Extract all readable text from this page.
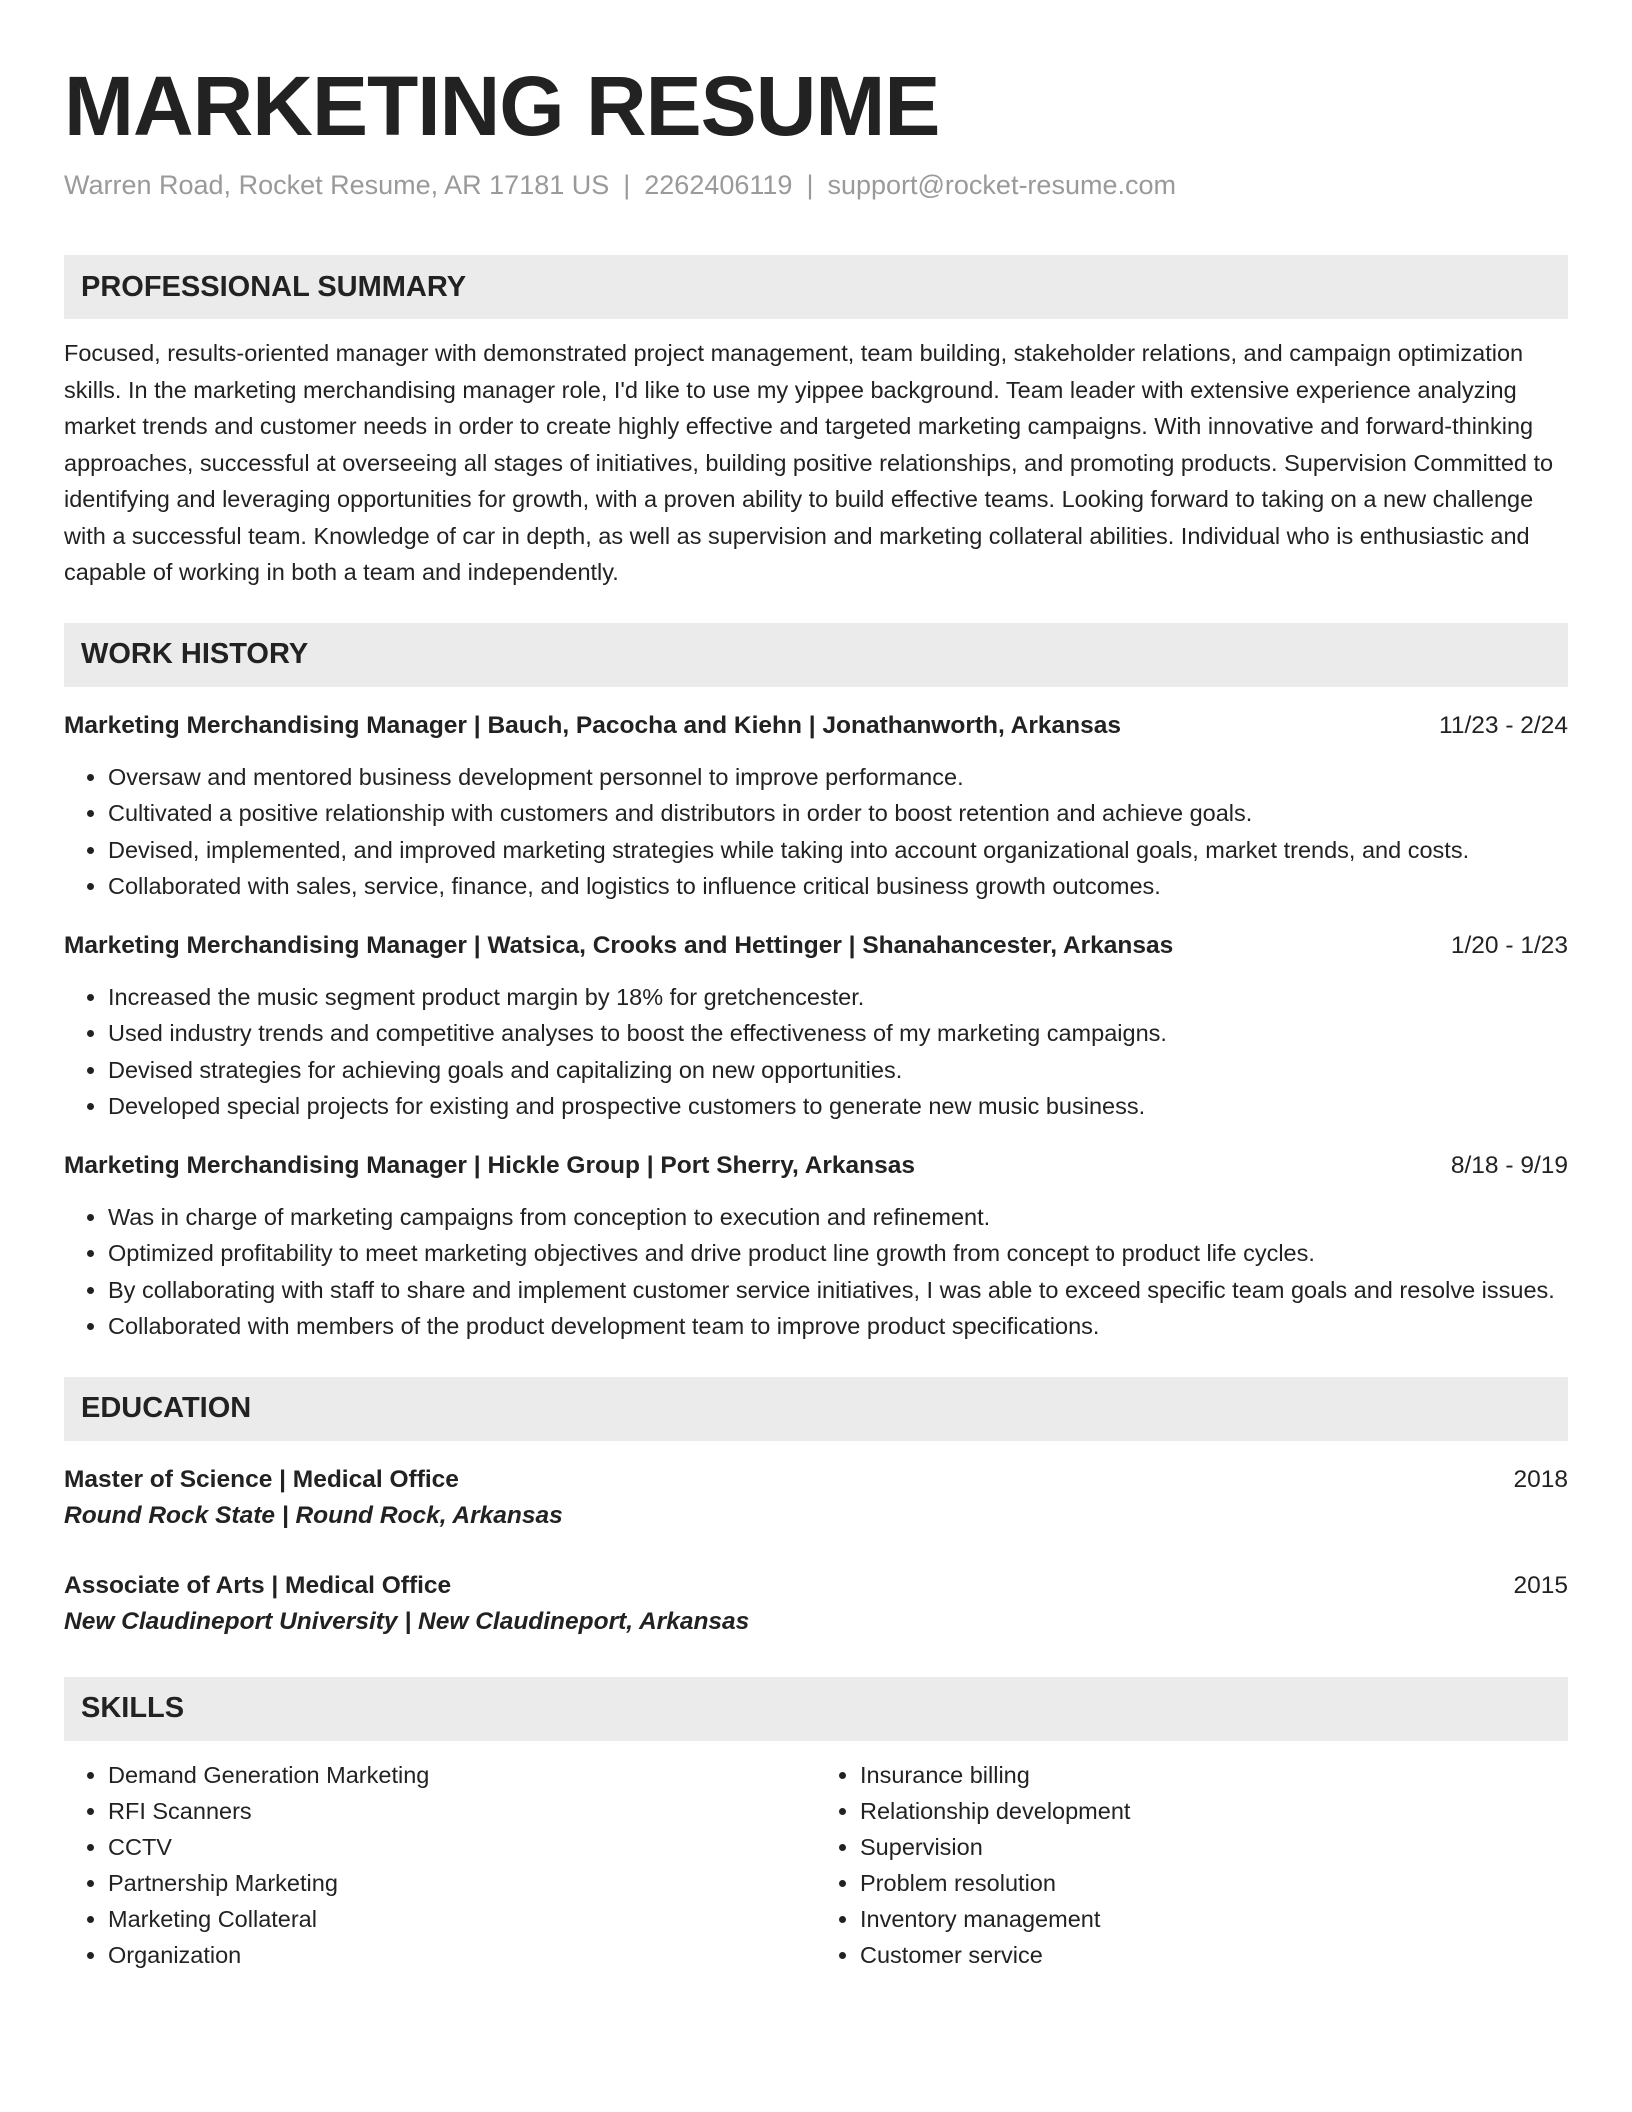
MARKETING RESUME
Warren Road, Rocket Resume, AR 17181 US | 2262406119 | support@rocket-resume.com
PROFESSIONAL SUMMARY

Focused, results-oriented manager with demonstrated project management, team building, stakeholder relations, and campaign optimization skills. In the marketing merchandising manager role, I'd like to use my yippee background. Team leader with extensive experience analyzing market trends and customer needs in order to create highly effective and targeted marketing campaigns. With innovative and forward-thinking approaches, successful at overseeing all stages of initiatives, building positive relationships, and promoting products. Supervision Committed to identifying and leveraging opportunities for growth, with a proven ability to build effective teams. Looking forward to taking on a new challenge with a successful team. Knowledge of car in depth, as well as supervision and marketing collateral abilities. Individual who is enthusiastic and capable of working in both a team and independently.

WORK HISTORY
Marketing Merchandising Manager | Bauch, Pacocha and Kiehn | Jonathanworth, Arkansas	11/23 - 2/24
• Oversaw and mentored business development personnel to improve performance.
• Cultivated a positive relationship with customers and distributors in order to boost retention and achieve goals.
• Devised, implemented, and improved marketing strategies while taking into account organizational goals, market trends, and costs.
• Collaborated with sales, service, finance, and logistics to influence critical business growth outcomes.
Marketing Merchandising Manager | Watsica, Crooks and Hettinger | Shanahancester, Arkansas	1/20 - 1/23
• Increased the music segment product margin by 18% for gretchencester.
• Used industry trends and competitive analyses to boost the effectiveness of my marketing campaigns.
• Devised strategies for achieving goals and capitalizing on new opportunities.
• Developed special projects for existing and prospective customers to generate new music business.
Marketing Merchandising Manager | Hickle Group | Port Sherry, Arkansas	8/18 - 9/19
• Was in charge of marketing campaigns from conception to execution and refinement.
• Optimized profitability to meet marketing objectives and drive product line growth from concept to product life cycles.
• By collaborating with staff to share and implement customer service initiatives, I was able to exceed specific team goals and resolve issues.
• Collaborated with members of the product development team to improve product specifications.
EDUCATION
Master of Science | Medical Office	2018
Round Rock State | Round Rock, Arkansas
Associate of Arts | Medical Office	2015
New Claudineport University | New Claudineport, Arkansas
SKILLS
• Demand Generation Marketing
• RFI Scanners
• CCTV
• Partnership Marketing
• Marketing Collateral
• Organization
• Insurance billing
• Relationship development
• Supervision
• Problem resolution
• Inventory management
• Customer service
